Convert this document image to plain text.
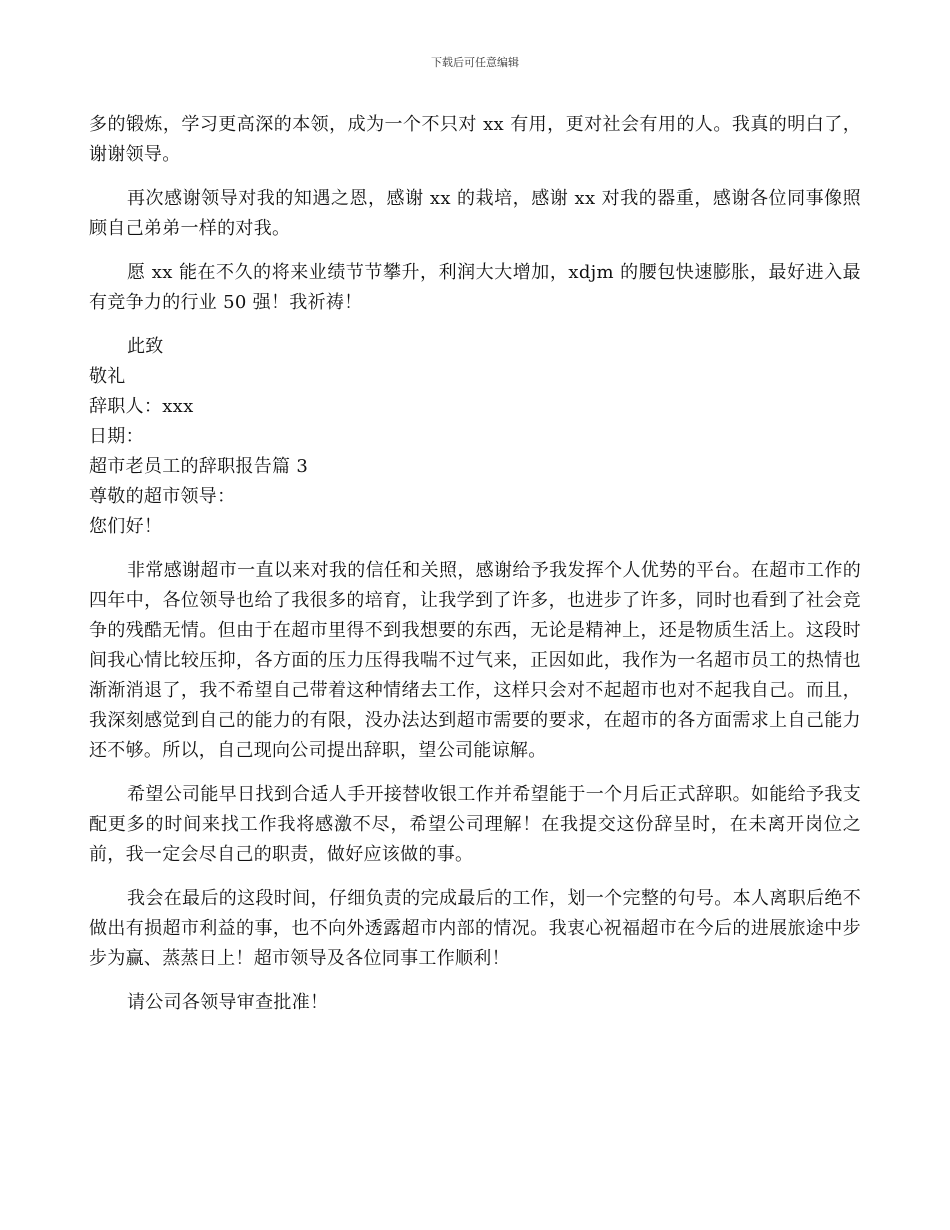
下载后可任意编辑

多的锻炼，学习更高深的本领，成为一个不只对 xx 有用，更对社会有用的人。我真的明白了，谢谢领导。

再次感谢领导对我的知遇之恩，感谢 xx 的栽培，感谢 xx 对我的器重，感谢各位同事像照顾自己弟弟一样的对我。

愿 xx 能在不久的将来业绩节节攀升，利润大大增加，xdjm 的腰包快速膨胀，最好进入最有竞争力的行业 50 强！我祈祷！

此致

敬礼

辞职人：xxx

日期：

超市老员工的辞职报告篇 3

尊敬的超市领导：

您们好！

非常感谢超市一直以来对我的信任和关照，感谢给予我发挥个人优势的平台。在超市工作的四年中，各位领导也给了我很多的培育，让我学到了许多，也进步了许多，同时也看到了社会竞争的残酷无情。但由于在超市里得不到我想要的东西，无论是精神上，还是物质生活上。这段时间我心情比较压抑，各方面的压力压得我喘不过气来，正因如此，我作为一名超市员工的热情也渐渐消退了，我不希望自己带着这种情绪去工作，这样只会对不起超市也对不起我自己。而且，我深刻感觉到自己的能力的有限，没办法达到超市需要的要求，在超市的各方面需求上自己能力还不够。所以，自己现向公司提出辞职，望公司能谅解。

希望公司能早日找到合适人手开接替收银工作并希望能于一个月后正式辞职。如能给予我支配更多的时间来找工作我将感激不尽，希望公司理解！在我提交这份辞呈时，在未离开岗位之前，我一定会尽自己的职责，做好应该做的事。

我会在最后的这段时间，仔细负责的完成最后的工作，划一个完整的句号。本人离职后绝不做出有损超市利益的事，也不向外透露超市内部的情况。我衷心祝福超市在今后的进展旅途中步步为赢、蒸蒸日上！超市领导及各位同事工作顺利！

请公司各领导审查批准！
